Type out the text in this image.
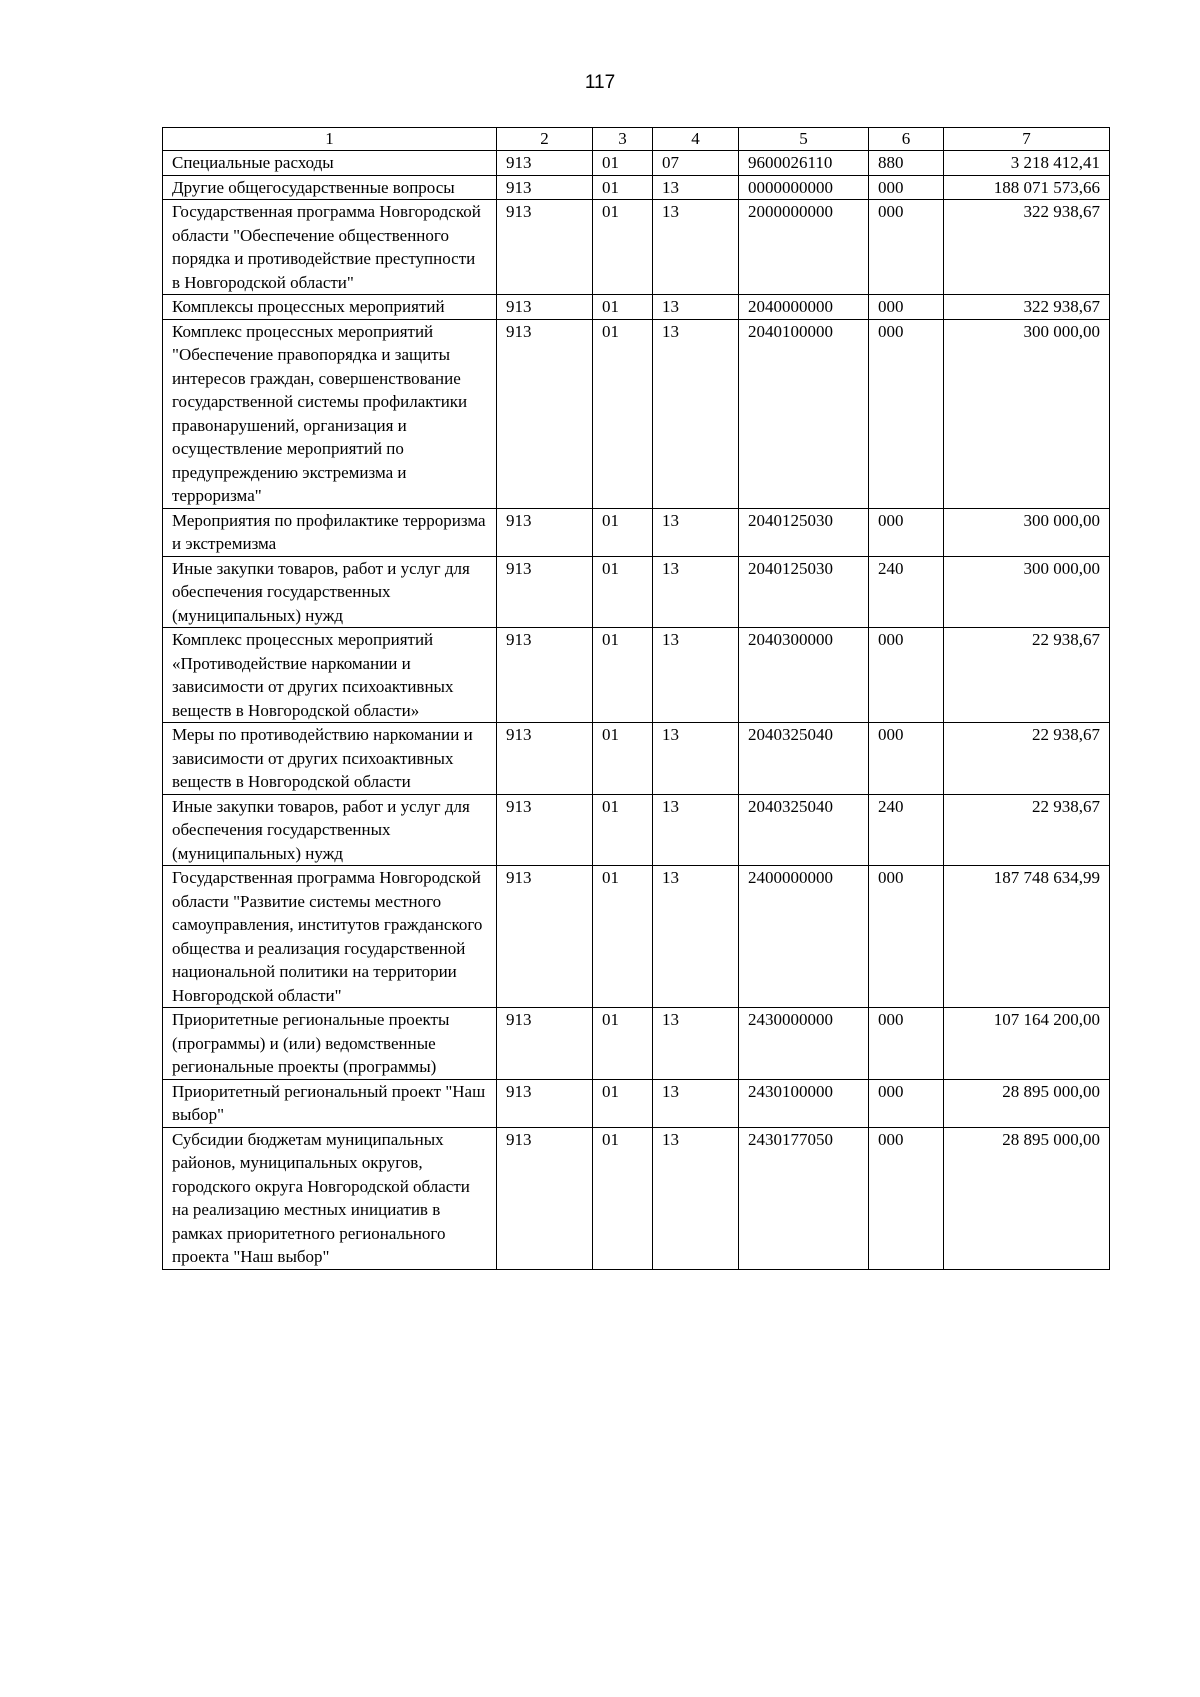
117
1	2	3	4	5	6	7
Специальные расходы	913	01	07	9600026110	880	3 218 412,41
Другие общегосударственные вопросы	913	01	13	0000000000	000	188 071 573,66
Государственная программа Новгородской области "Обеспечение общественного порядка и противодействие преступности в Новгородской области"	913	01	13	2000000000	000	322 938,67
Комплексы процессных мероприятий	913	01	13	2040000000	000	322 938,67
Комплекс процессных мероприятий "Обеспечение правопорядка и защиты интересов граждан, совершенствование государственной системы профилактики правонарушений, организация и осуществление мероприятий по предупреждению экстремизма и терроризма"	913	01	13	2040100000	000	300 000,00
Мероприятия по профилактике терроризма и экстремизма	913	01	13	2040125030	000	300 000,00
Иные закупки товаров, работ и услуг для обеспечения государственных (муниципальных) нужд	913	01	13	2040125030	240	300 000,00
Комплекс процессных мероприятий «Противодействие наркомании и зависимости от других психоактивных веществ в Новгородской области»	913	01	13	2040300000	000	22 938,67
Меры по противодействию наркомании и зависимости от других психоактивных веществ в Новгородской области	913	01	13	2040325040	000	22 938,67
Иные закупки товаров, работ и услуг для обеспечения государственных (муниципальных) нужд	913	01	13	2040325040	240	22 938,67
Государственная программа Новгородской области "Развитие системы местного самоуправления, институтов гражданского общества и реализация государственной национальной политики на территории Новгородской области"	913	01	13	2400000000	000	187 748 634,99
Приоритетные региональные проекты (программы) и (или) ведомственные региональные проекты (программы)	913	01	13	2430000000	000	107 164 200,00
Приоритетный региональный проект "Наш выбор"	913	01	13	2430100000	000	28 895 000,00
Субсидии бюджетам муниципальных районов, муниципальных округов, городского округа Новгородской области на реализацию местных инициатив в рамках приоритетного регионального проекта "Наш выбор"	913	01	13	2430177050	000	28 895 000,00
